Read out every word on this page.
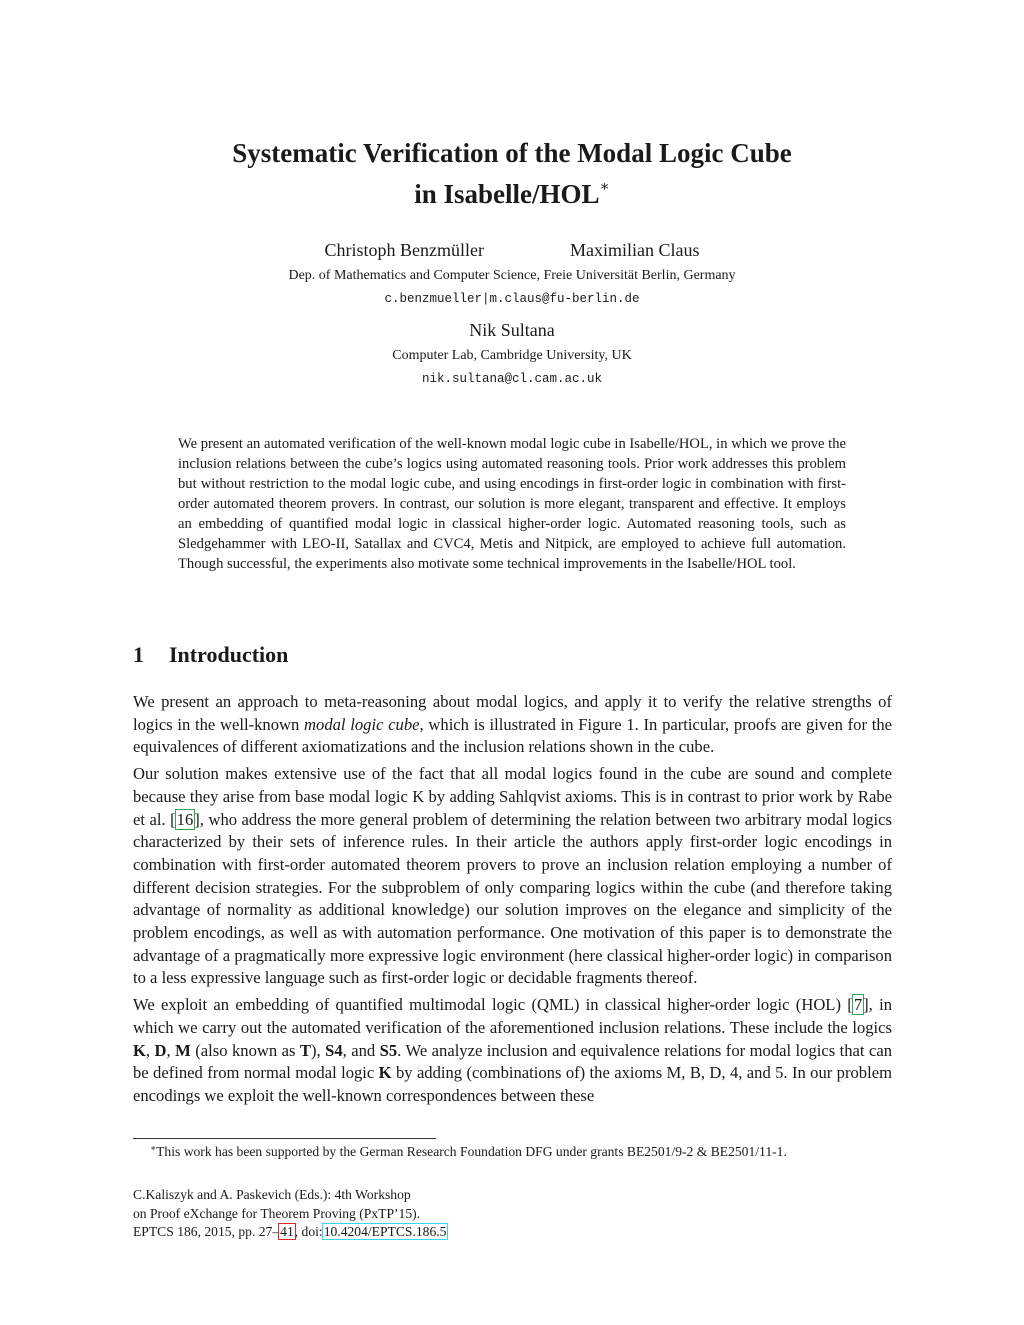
Systematic Verification of the Modal Logic Cube
in Isabelle/HOL∗
Christoph Benzmüller	Maximilian Claus
Dep. of Mathematics and Computer Science, Freie Universität Berlin, Germany
c.benzmueller|m.claus@fu-berlin.de
Nik Sultana
Computer Lab, Cambridge University, UK
nik.sultana@cl.cam.ac.uk
We present an automated verification of the well-known modal logic cube in Isabelle/HOL, in which we prove the inclusion relations between the cube’s logics using automated reasoning tools. Prior work addresses this problem but without restriction to the modal logic cube, and using encodings in first-order logic in combination with first-order automated theorem provers. In contrast, our solution is more elegant, transparent and effective. It employs an embedding of quantified modal logic in classical higher-order logic. Automated reasoning tools, such as Sledgehammer with LEO-II, Satallax and CVC4, Metis and Nitpick, are employed to achieve full automation. Though successful, the experiments also motivate some technical improvements in the Isabelle/HOL tool.
1 Introduction

We present an approach to meta-reasoning about modal logics, and apply it to verify the relative strengths of logics in the well-known modal logic cube, which is illustrated in Figure 1. In particular, proofs are given for the equivalences of different axiomatizations and the inclusion relations shown in the cube.

Our solution makes extensive use of the fact that all modal logics found in the cube are sound and complete because they arise from base modal logic K by adding Sahlqvist axioms. This is in contrast to prior work by Rabe et al. [16], who address the more general problem of determining the relation between two arbitrary modal logics characterized by their sets of inference rules. In their article the authors apply first-order logic encodings in combination with first-order automated theorem provers to prove an inclusion relation employing a number of different decision strategies. For the subproblem of only comparing logics within the cube (and therefore taking advantage of normality as additional knowledge) our solution improves on the elegance and simplicity of the problem encodings, as well as with automation performance. One motivation of this paper is to demonstrate the advantage of a pragmatically more expressive logic environment (here classical higher-order logic) in comparison to a less expressive language such as first-order logic or decidable fragments thereof.

We exploit an embedding of quantified multimodal logic (QML) in classical higher-order logic (HOL) [7], in which we carry out the automated verification of the aforementioned inclusion relations. These include the logics K, D, M (also known as T), S4, and S5. We analyze inclusion and equivalence relations for modal logics that can be defined from normal modal logic K by adding (combinations of) the axioms M, B, D, 4, and 5. In our problem encodings we exploit the well-known correspondences between these

∗This work has been supported by the German Research Foundation DFG under grants BE2501/9-2 & BE2501/11-1.
C.Kaliszyk and A. Paskevich (Eds.): 4th Workshop
on Proof eXchange for Theorem Proving (PxTP’15).
EPTCS 186, 2015, pp. 27–41, doi:10.4204/EPTCS.186.5
